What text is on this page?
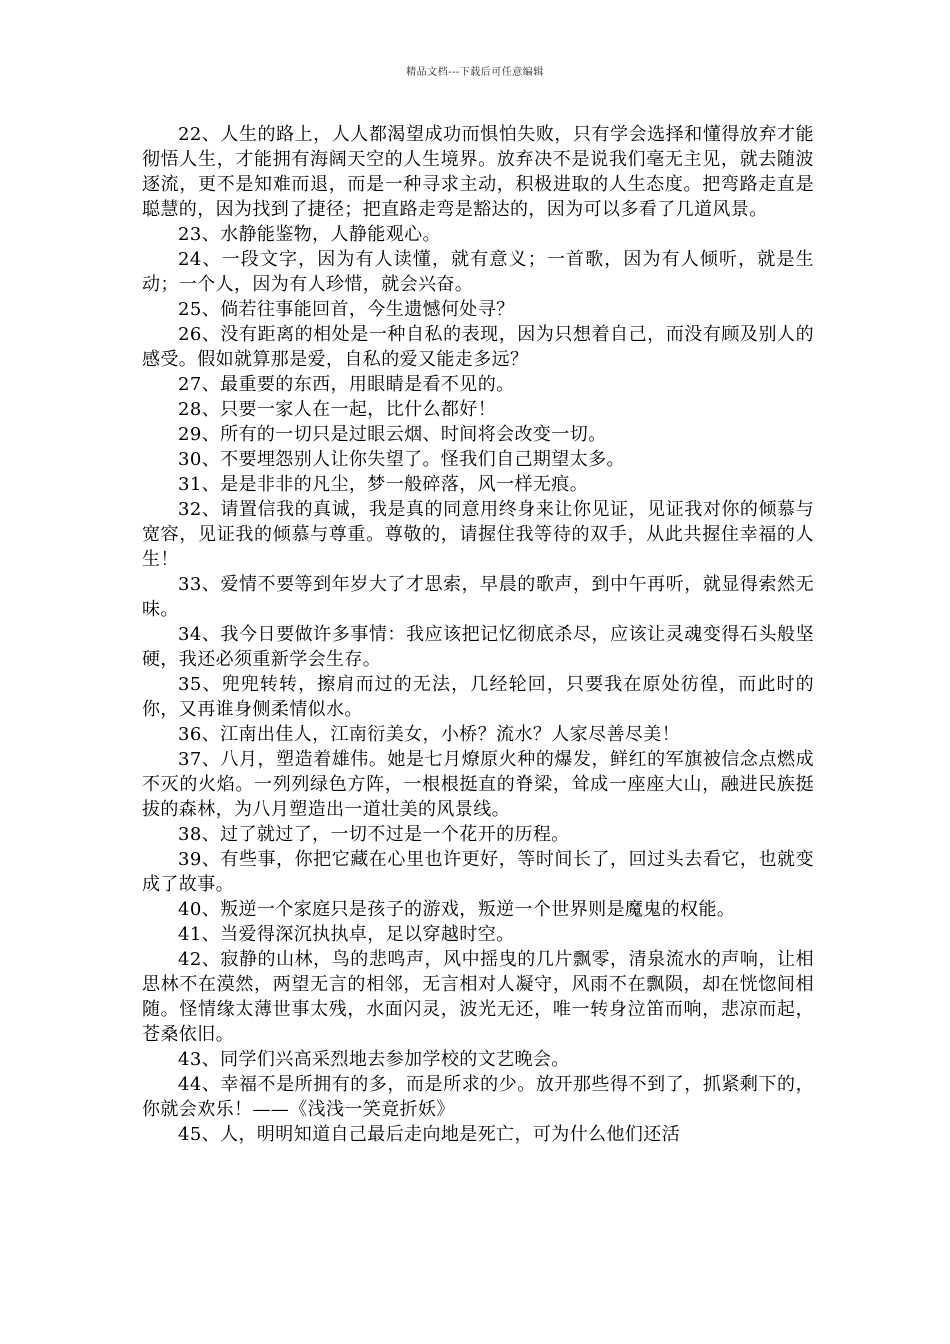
精品文档---下载后可任意编辑

22、人生的路上，人人都渴望成功而惧怕失败，只有学会选择和懂得放弃才能彻悟人生，才能拥有海阔天空的人生境界。放弃决不是说我们毫无主见，就去随波逐流，更不是知难而退，而是一种寻求主动，积极进取的人生态度。把弯路走直是聪慧的，因为找到了捷径；把直路走弯是豁达的，因为可以多看了几道风景。

23、水静能鉴物，人静能观心。

24、一段文字，因为有人读懂，就有意义；一首歌，因为有人倾听，就是生动；一个人，因为有人珍惜，就会兴奋。

25、倘若往事能回首，今生遗憾何处寻？

26、没有距离的相处是一种自私的表现，因为只想着自己，而没有顾及别人的感受。假如就算那是爱，自私的爱又能走多远？

27、最重要的东西，用眼睛是看不见的。

28、只要一家人在一起，比什么都好！

29、所有的一切只是过眼云烟、时间将会改变一切。

30、不要埋怨别人让你失望了。怪我们自己期望太多。

31、是是非非的凡尘，梦一般碎落，风一样无痕。

32、请置信我的真诚，我是真的同意用终身来让你见证，见证我对你的倾慕与宽容，见证我的倾慕与尊重。尊敬的，请握住我等待的双手，从此共握住幸福的人生！

33、爱情不要等到年岁大了才思索，早晨的歌声，到中午再听，就显得索然无味。

34、我今日要做许多事情：我应该把记忆彻底杀尽，应该让灵魂变得石头般坚硬，我还必须重新学会生存。

35、兜兜转转，擦肩而过的无法，几经轮回，只要我在原处彷徨，而此时的你，又再谁身侧柔情似水。

36、江南出佳人，江南衍美女，小桥？流水？人家尽善尽美！

37、八月，塑造着雄伟。她是七月燎原火种的爆发，鲜红的军旗被信念点燃成不灭的火焰。一列列绿色方阵，一根根挺直的脊梁，耸成一座座大山，融进民族挺拔的森林，为八月塑造出一道壮美的风景线。

38、过了就过了，一切不过是一个花开的历程。

39、有些事，你把它藏在心里也许更好，等时间长了，回过头去看它，也就变成了故事。

40、叛逆一个家庭只是孩子的游戏，叛逆一个世界则是魔鬼的权能。

41、当爱得深沉执执卓，足以穿越时空。

42、寂静的山林，鸟的悲鸣声，风中摇曳的几片飘零，清泉流水的声响，让相思林不在漠然，两望无言的相邻，无言相对人凝守，风雨不在飘陨，却在恍惚间相随。怪情缘太薄世事太残，水面闪灵，波光无还，唯一转身泣笛而响，悲凉而起，苍桑依旧。

43、同学们兴高采烈地去参加学校的文艺晚会。

44、幸福不是所拥有的多，而是所求的少。放开那些得不到了，抓紧剩下的，你就会欢乐！——《浅浅一笑竟折妖》

45、人，明明知道自己最后走向地是死亡，可为什么他们还活
